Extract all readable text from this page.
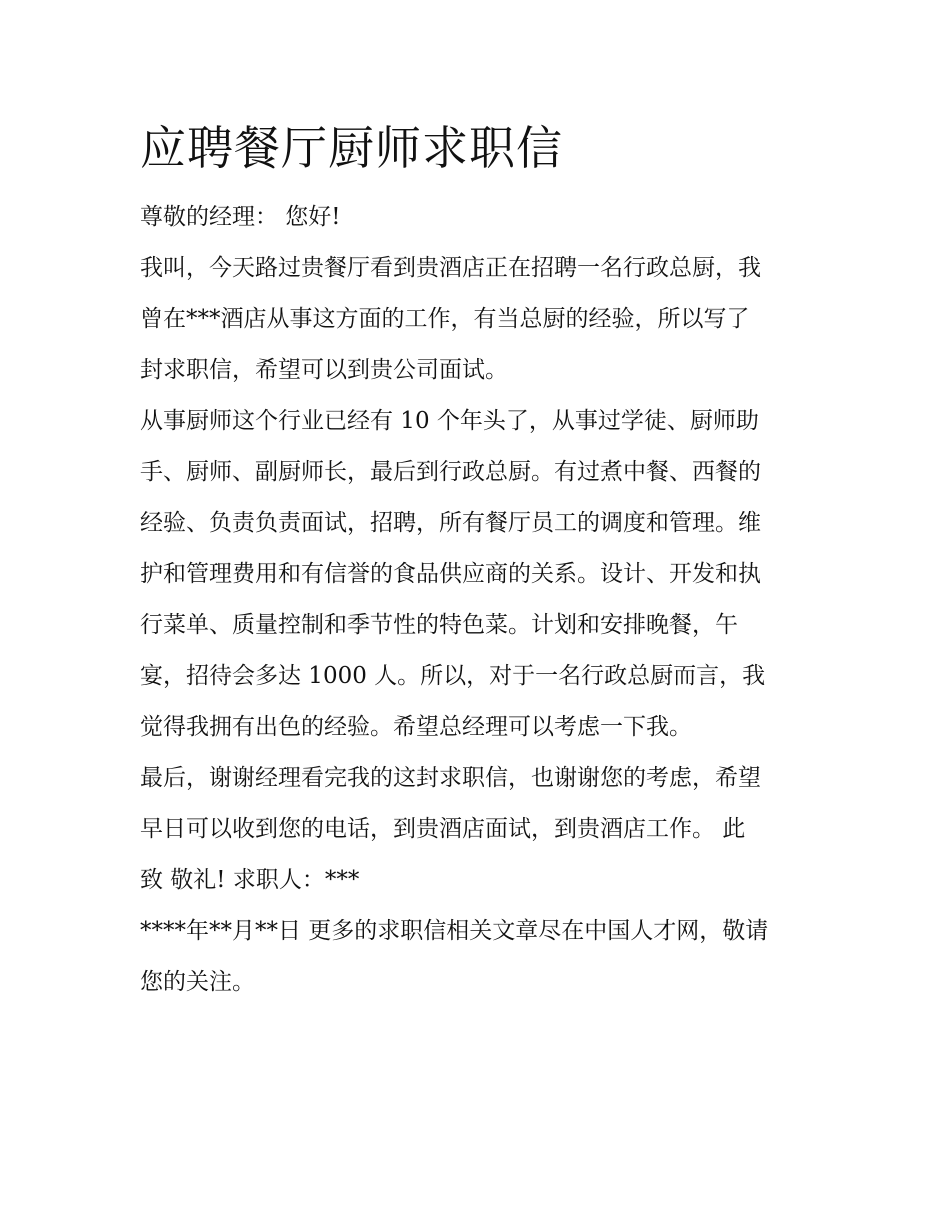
应聘餐厅厨师求职信

尊敬的经理： 您好!

我叫，今天路过贵餐厅看到贵酒店正在招聘一名行政总厨，我
曾在***酒店从事这方面的工作，有当总厨的经验，所以写了
封求职信，希望可以到贵公司面试。

从事厨师这个行业已经有 10 个年头了，从事过学徒、厨师助
手、厨师、副厨师长，最后到行政总厨。有过煮中餐、西餐的
经验、负责负责面试，招聘，所有餐厅员工的调度和管理。维
护和管理费用和有信誉的食品供应商的关系。设计、开发和执
行菜单、质量控制和季节性的特色菜。计划和安排晚餐，午
宴，招待会多达 1000 人。所以，对于一名行政总厨而言，我
觉得我拥有出色的经验。希望总经理可以考虑一下我。

最后，谢谢经理看完我的这封求职信，也谢谢您的考虑，希望
早日可以收到您的电话，到贵酒店面试，到贵酒店工作。 此
致 敬礼! 求职人：***

****年**月**日 更多的求职信相关文章尽在中国人才网，敬请
您的关注。
